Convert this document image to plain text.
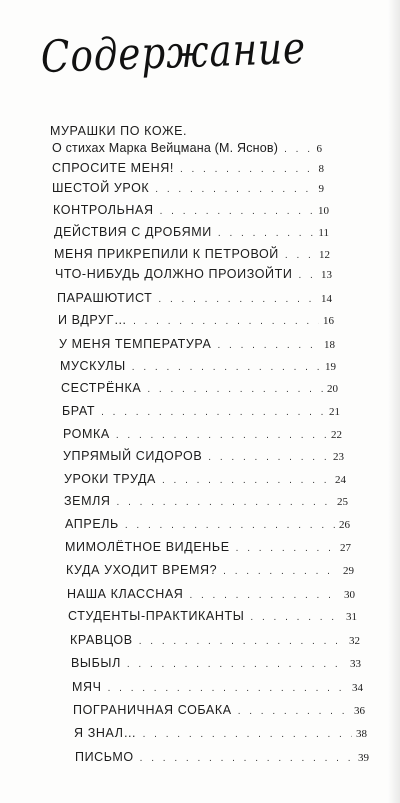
Содержание
МУРАШКИ ПО КОЖЕ.
О стихах Марка Вейцмана (М. Яснов) . . .	6
СПРОСИТЕ МЕНЯ! . . .	8
ШЕСТОЙ УРОК . . .	9
КОНТРОЛЬНАЯ . . .	10
ДЕЙСТВИЯ С ДРОБЯМИ . . .	11
МЕНЯ ПРИКРЕПИЛИ К ПЕТРОВОЙ . . .	12
ЧТО-НИБУДЬ ДОЛЖНО ПРОИЗОЙТИ . . .	13
ПАРАШЮТИСТ . . .	14
И ВДРУГ… . . .	16
У МЕНЯ ТЕМПЕРАТУРА . . .	18
МУСКУЛЫ . . .	19
СЕСТРЁНКА . . .	20
БРАТ . . .	21
РОМКА . . .	22
УПРЯМЫЙ СИДОРОВ . . .	23
УРОКИ ТРУДА . . .	24
ЗЕМЛЯ . . .	25
АПРЕЛЬ . . .	26
МИМОЛЁТНОЕ ВИДЕНЬЕ . . .	27
КУДА УХОДИТ ВРЕМЯ? . . .	29
НАША КЛАССНАЯ . . .	30
СТУДЕНТЫ-ПРАКТИКАНТЫ . . .	31
КРАВЦОВ . . .	32
ВЫБЫЛ . . .	33
МЯЧ . . .	34
ПОГРАНИЧНАЯ СОБАКА . . .	36
Я ЗНАЛ… . . .	38
ПИСЬМО . . .	39
